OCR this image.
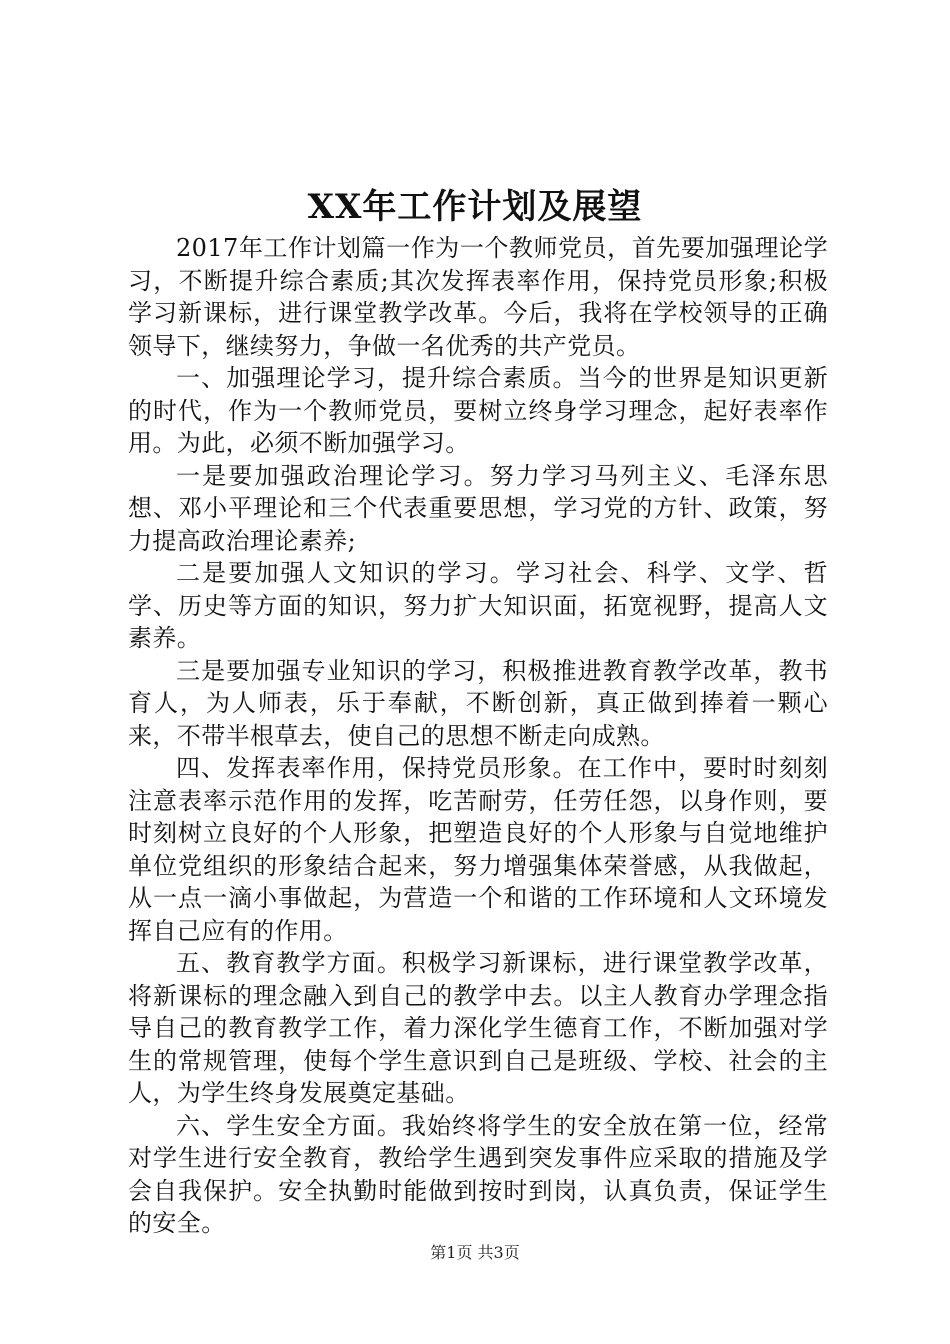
XX年工作计划及展望

2017年工作计划篇一作为一个教师党员，首先要加强理论学习，不断提升综合素质;其次发挥表率作用，保持党员形象;积极学习新课标，进行课堂教学改革。今后，我将在学校领导的正确领导下，继续努力，争做一名优秀的共产党员。

一、加强理论学习，提升综合素质。当今的世界是知识更新的时代，作为一个教师党员，要树立终身学习理念，起好表率作用。为此，必须不断加强学习。

一是要加强政治理论学习。努力学习马列主义、毛泽东思想、邓小平理论和三个代表重要思想，学习党的方针、政策，努力提高政治理论素养;

二是要加强人文知识的学习。学习社会、科学、文学、哲学、历史等方面的知识，努力扩大知识面，拓宽视野，提高人文素养。

三是要加强专业知识的学习，积极推进教育教学改革，教书育人，为人师表，乐于奉献，不断创新，真正做到捧着一颗心来，不带半根草去，使自己的思想不断走向成熟。

四、发挥表率作用，保持党员形象。在工作中，要时时刻刻注意表率示范作用的发挥，吃苦耐劳，任劳任怨，以身作则，要时刻树立良好的个人形象，把塑造良好的个人形象与自觉地维护单位党组织的形象结合起来，努力增强集体荣誉感，从我做起，从一点一滴小事做起，为营造一个和谐的工作环境和人文环境发挥自己应有的作用。

五、教育教学方面。积极学习新课标，进行课堂教学改革，将新课标的理念融入到自己的教学中去。以主人教育办学理念指导自己的教育教学工作，着力深化学生德育工作，不断加强对学生的常规管理，使每个学生意识到自己是班级、学校、社会的主人，为学生终身发展奠定基础。

六、学生安全方面。我始终将学生的安全放在第一位，经常对学生进行安全教育，教给学生遇到突发事件应采取的措施及学会自我保护。安全执勤时能做到按时到岗，认真负责，保证学生的安全。

第1页 共3页
